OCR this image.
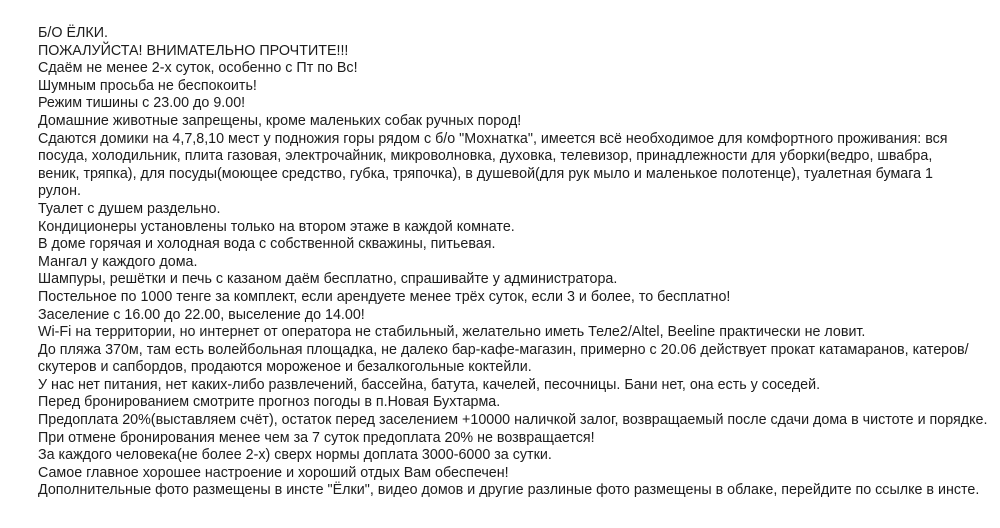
Б/О ЁЛКИ.

ПОЖАЛУЙСТА! ВНИМАТЕЛЬНО ПРОЧТИТЕ!!!

Сдаём не менее 2-х суток, особенно с Пт по Вс!

Шумным просьба не беспокоить!

Режим тишины с 23.00 до 9.00!

Домашние животные запрещены, кроме маленьких собак ручных пород!

Сдаются домики на 4,7,8,10 мест у подножия горы рядом с б/о "Мохнатка", имеется всё необходимое для комфортного проживания: вся посуда, холодильник, плита газовая, электрочайник, микроволновка, духовка, телевизор, принадлежности для уборки(ведро, швабра, веник, тряпка), для посуды(моющее средство, губка, тряпочка), в душевой(для рук мыло и маленькое полотенце), туалетная бумага 1 рулон.

Туалет с душем раздельно.

Кондиционеры установлены только на втором этаже в каждой комнате.

В доме горячая и холодная вода с собственной скважины, питьевая.

Мангал у каждого дома.

Шампуры, решётки и печь с казаном даём бесплатно, спрашивайте у администратора.

Постельное по 1000 тенге за комплект, если арендуете менее трёх суток, если 3 и более, то бесплатно!

Заселение с 16.00 до 22.00, выселение до 14.00!

Wi-Fi на территории, но интернет от оператора не стабильный, желательно иметь Теле2/Altel, Beeline практически не ловит.

До пляжа 370м, там есть волейбольная площадка, не далеко бар-кафе-магазин, примерно с 20.06 действует прокат катамаранов, катеров/скутеров и сапбордов, продаются мороженое и безалкогольные коктейли.

У нас нет питания, нет каких-либо развлечений, бассейна, батута, качелей, песочницы. Бани нет, она есть у соседей.

Перед бронированием смотрите прогноз погоды в п.Новая Бухтарма.

Предоплата 20%(выставляем счёт), остаток перед заселением +10000 наличкой залог, возвращаемый после сдачи дома в чистоте и порядке.

При отмене бронирования менее чем за 7 суток предоплата 20% не возвращается!

За каждого человека(не более 2-х) сверх нормы доплата 3000-6000 за сутки.

Самое главное хорошее настроение и хороший отдых Вам обеспечен!

Дополнительные фото размещены в инсте "Ёлки", видео домов и другие разлиные фото размещены в облаке, перейдите по ссылке в инсте.
